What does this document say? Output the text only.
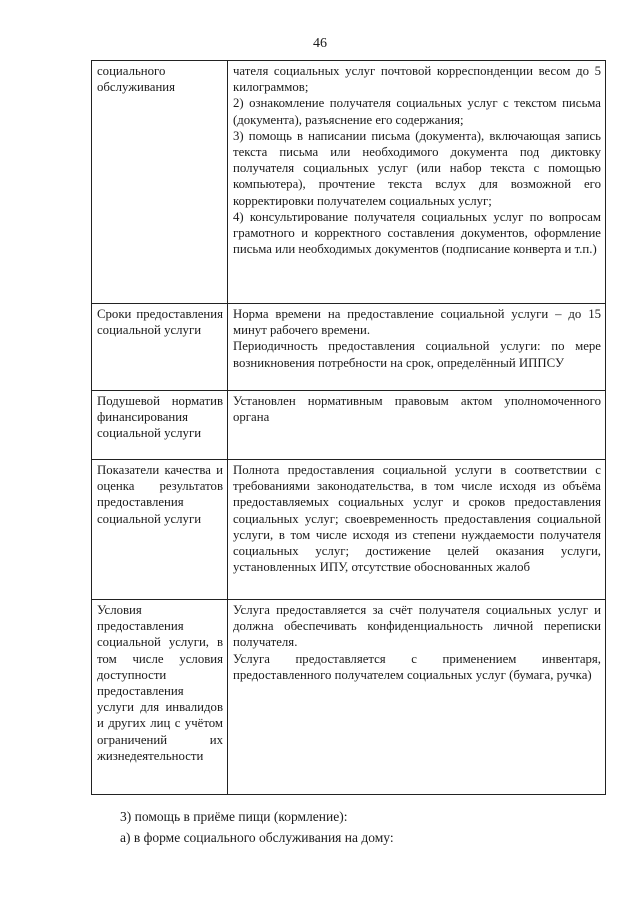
46
социального обслуживания	чателя социальных услуг почтовой корреспонденции весом до 5 килограммов;

2) ознакомление получателя социальных услуг с текстом письма (документа), разъяснение его содержания;

3) помощь в написании письма (документа), включающая запись текста письма или необходимого документа под диктовку получателя социальных услуг (или набор текста с помощью компьютера), прочтение текста вслух для возможной его корректировки получателем социальных услуг;

4) консультирование получателя социальных услуг по вопросам грамотного и корректного составления документов, оформление письма или необходимых документов (подписание конверта и т.п.)

Сроки предоставления социальной услуги	Норма времени на предоставление социальной услуги – до 15 минут рабочего времени.

Периодичность предоставления социальной услуги: по мере возникновения потребности на срок, определённый ИППСУ

Подушевой норматив финансирования социальной услуги	Установлен нормативным правовым актом уполномоченного органа

Показатели качества и оценка результатов предоставления социальной услуги	Полнота предоставления социальной услуги в соответствии с требованиями законодательства, в том числе исходя из объёма предоставляемых социальных услуг и сроков предоставления социальных услуг; своевременность предоставления социальной услуги, в том числе исходя из степени нуждаемости получателя социальных услуг; достижение целей оказания услуги, установленных ИПУ, отсутствие обоснованных жалоб

Условия предоставления социальной услуги, в том числе условия доступности предоставления услуги для инвалидов и других лиц с учётом ограничений их жизнедеятельности	Услуга предоставляется за счёт получателя социальных услуг и должна обеспечивать конфиденциальность личной переписки получателя.

Услуга предоставляется с применением инвентаря, предоставленного получателем социальных услуг (бумага, ручка)

3) помощь в приёме пищи (кормление):
а) в форме социального обслуживания на дому:
